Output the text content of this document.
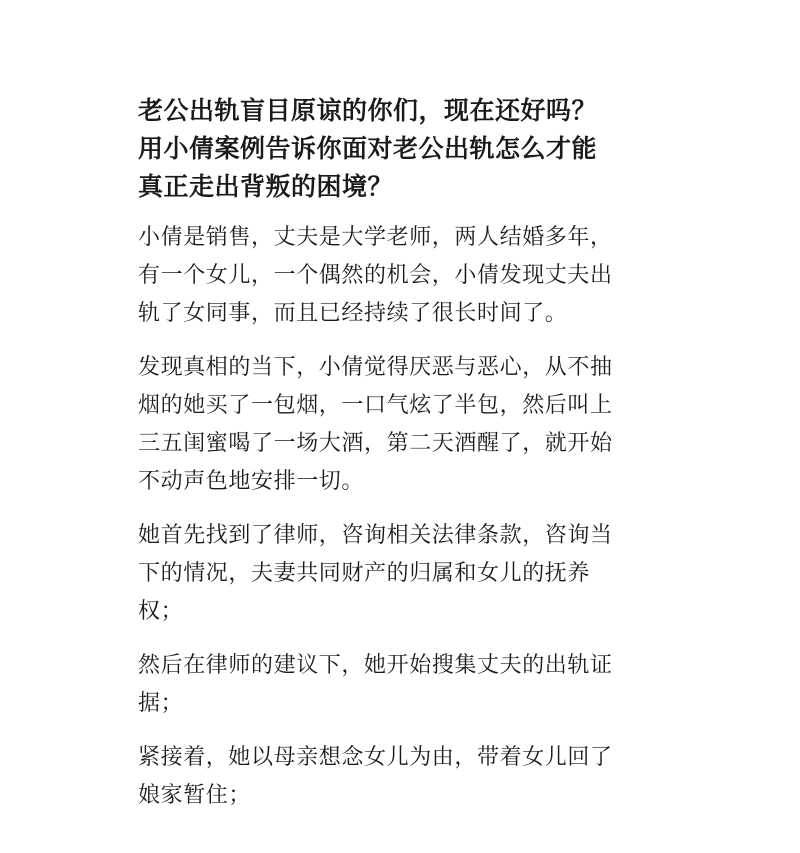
老公出轨盲目原谅的你们，现在还好吗？
用小倩案例告诉你面对老公出轨怎么才能
真正走出背叛的困境？

小倩是销售，丈夫是大学老师，两人结婚多年，
有一个女儿，一个偶然的机会，小倩发现丈夫出
轨了女同事，而且已经持续了很长时间了。

发现真相的当下，小倩觉得厌恶与恶心，从不抽
烟的她买了一包烟，一口气炫了半包，然后叫上
三五闺蜜喝了一场大酒，第二天酒醒了，就开始
不动声色地安排一切。

她首先找到了律师，咨询相关法律条款，咨询当
下的情况，夫妻共同财产的归属和女儿的抚养
权；

然后在律师的建议下，她开始搜集丈夫的出轨证
据；

紧接着，她以母亲想念女儿为由，带着女儿回了
娘家暂住；
